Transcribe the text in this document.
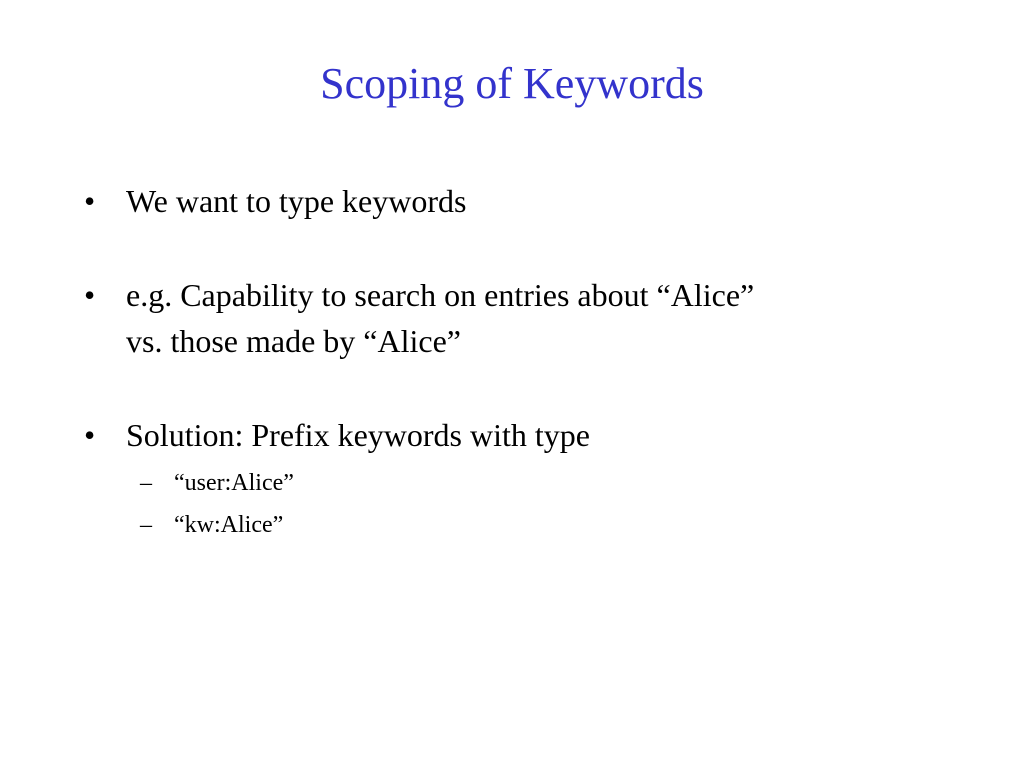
Scoping of Keywords
• We want to type keywords
• e.g. Capability to search on entries about “Alice”
vs. those made by “Alice”
• Solution: Prefix keywords with type
– “user:Alice”
– “kw:Alice”
